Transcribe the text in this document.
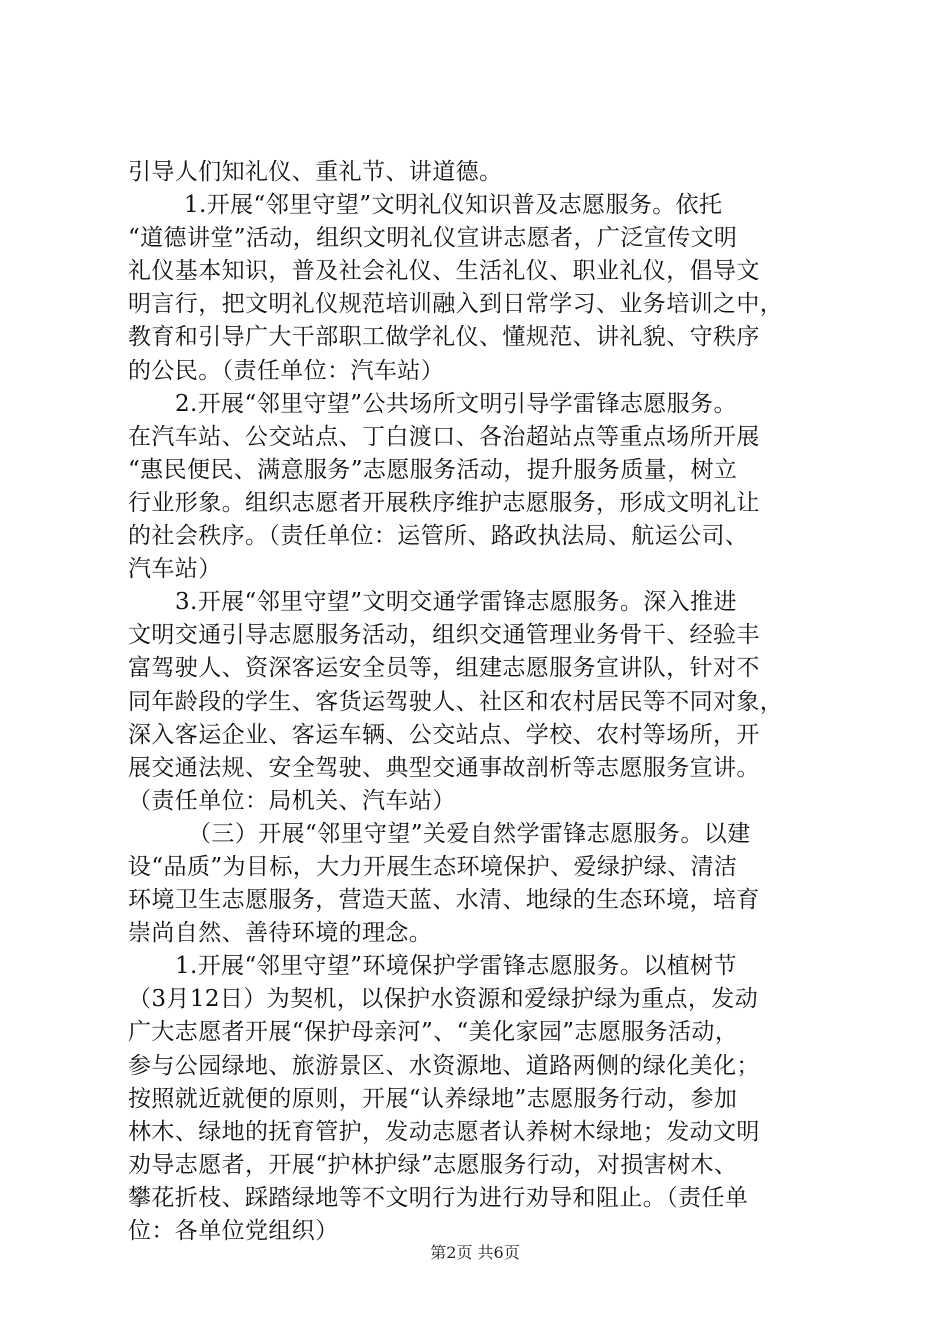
引导人们知礼仪、重礼节、讲道德。
1.开展“邻里守望”文明礼仪知识普及志愿服务。依托
“道德讲堂”活动，组织文明礼仪宣讲志愿者，广泛宣传文明
礼仪基本知识，普及社会礼仪、生活礼仪、职业礼仪，倡导文
明言行，把文明礼仪规范培训融入到日常学习、业务培训之中，
教育和引导广大干部职工做学礼仪、懂规范、讲礼貌、守秩序
的公民。（责任单位：汽车站）
2.开展“邻里守望”公共场所文明引导学雷锋志愿服务。
在汽车站、公交站点、丁白渡口、各治超站点等重点场所开展
“惠民便民、满意服务”志愿服务活动，提升服务质量，树立
行业形象。组织志愿者开展秩序维护志愿服务，形成文明礼让
的社会秩序。（责任单位：运管所、路政执法局、航运公司、
汽车站）
3.开展“邻里守望”文明交通学雷锋志愿服务。深入推进
文明交通引导志愿服务活动，组织交通管理业务骨干、经验丰
富驾驶人、资深客运安全员等，组建志愿服务宣讲队，针对不
同年龄段的学生、客货运驾驶人、社区和农村居民等不同对象，
深入客运企业、客运车辆、公交站点、学校、农村等场所，开
展交通法规、安全驾驶、典型交通事故剖析等志愿服务宣讲。
（责任单位：局机关、汽车站）
（三）开展“邻里守望”关爱自然学雷锋志愿服务。以建
设“品质”为目标，大力开展生态环境保护、爱绿护绿、清洁
环境卫生志愿服务，营造天蓝、水清、地绿的生态环境，培育
崇尚自然、善待环境的理念。
1.开展“邻里守望”环境保护学雷锋志愿服务。以植树节
（3月12日）为契机，以保护水资源和爱绿护绿为重点，发动
广大志愿者开展“保护母亲河”、“美化家园”志愿服务活动，
参与公园绿地、旅游景区、水资源地、道路两侧的绿化美化；
按照就近就便的原则，开展“认养绿地”志愿服务行动，参加
林木、绿地的抚育管护，发动志愿者认养树木绿地；发动文明
劝导志愿者，开展“护林护绿”志愿服务行动，对损害树木、
攀花折枝、踩踏绿地等不文明行为进行劝导和阻止。（责任单
位：各单位党组织）
第2页 共6页
